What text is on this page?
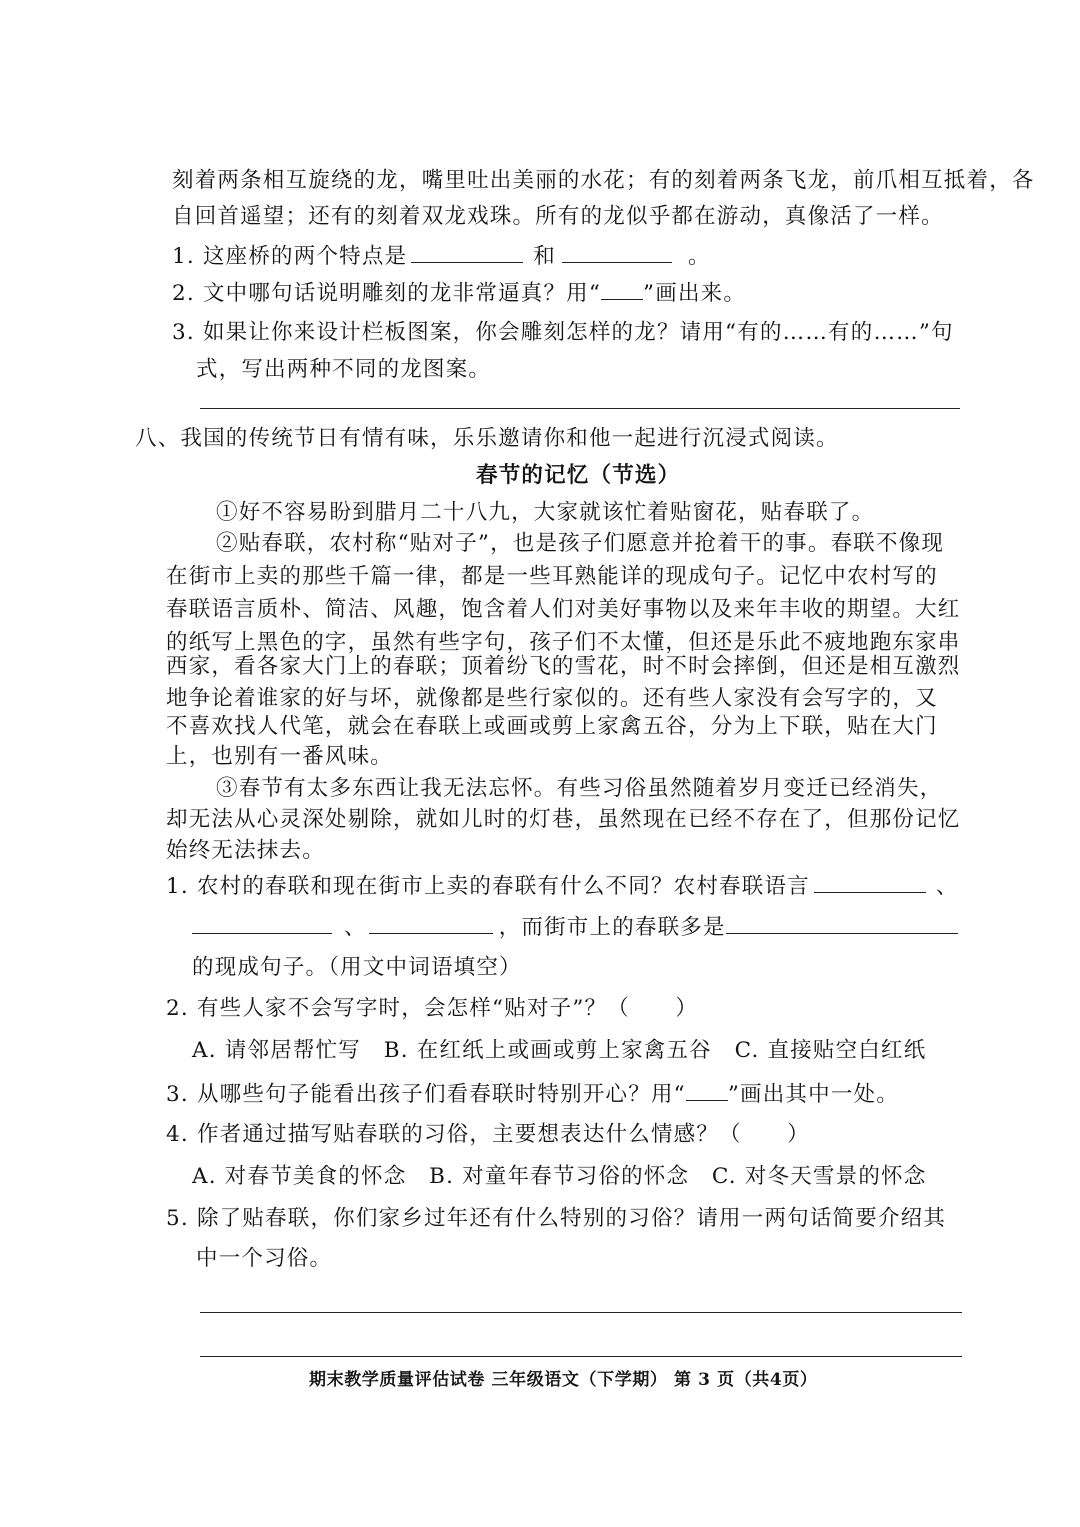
刻着两条相互旋绕的龙，嘴里吐出美丽的水花；有的刻着两条飞龙，前爪相互抵着，各
自回首遥望；还有的刻着双龙戏珠。所有的龙似乎都在游动，真像活了一样。
1. 这座桥的两个特点是	和	。
2. 文中哪句话说明雕刻的龙非常逼真？用“ ”画出来。
3. 如果让你来设计栏板图案，你会雕刻怎样的龙？请用“有的……有的……”句
式，写出两种不同的龙图案。
八、我国的传统节日有情有味，乐乐邀请你和他一起进行沉浸式阅读。
春节的记忆（节选）
①好不容易盼到腊月二十八九，大家就该忙着贴窗花，贴春联了。
②贴春联，农村称“贴对子”，也是孩子们愿意并抢着干的事。春联不像现
在街市上卖的那些千篇一律，都是一些耳熟能详的现成句子。记忆中农村写的
春联语言质朴、简洁、风趣，饱含着人们对美好事物以及来年丰收的期望。大红
的纸写上黑色的字，虽然有些字句，孩子们不太懂，但还是乐此不疲地跑东家串
西家，看各家大门上的春联；顶着纷飞的雪花，时不时会摔倒，但还是相互激烈
地争论着谁家的好与坏，就像都是些行家似的。还有些人家没有会写字的，又
不喜欢找人代笔，就会在春联上或画或剪上家禽五谷，分为上下联，贴在大门
上，也别有一番风味。
③春节有太多东西让我无法忘怀。有些习俗虽然随着岁月变迁已经消失，
却无法从心灵深处剔除，就如儿时的灯巷，虽然现在已经不存在了，但那份记忆
始终无法抹去。
1. 农村的春联和现在街市上卖的春联有什么不同？农村春联语言	、
、	，而街市上的春联多是
的现成句子。（用文中词语填空）
2. 有些人家不会写字时，会怎样“贴对子”？（　　）
A. 请邻居帮忙写　B. 在红纸上或画或剪上家禽五谷　C. 直接贴空白红纸
3. 从哪些句子能看出孩子们看春联时特别开心？用“ ”画出其中一处。
4. 作者通过描写贴春联的习俗，主要想表达什么情感？（　　）
A. 对春节美食的怀念　B. 对童年春节习俗的怀念　C. 对冬天雪景的怀念
5. 除了贴春联，你们家乡过年还有什么特别的习俗？请用一两句话简要介绍其
中一个习俗。
期末教学质量评估试卷 三年级语文（下学期） 第 3 页（共4页）
